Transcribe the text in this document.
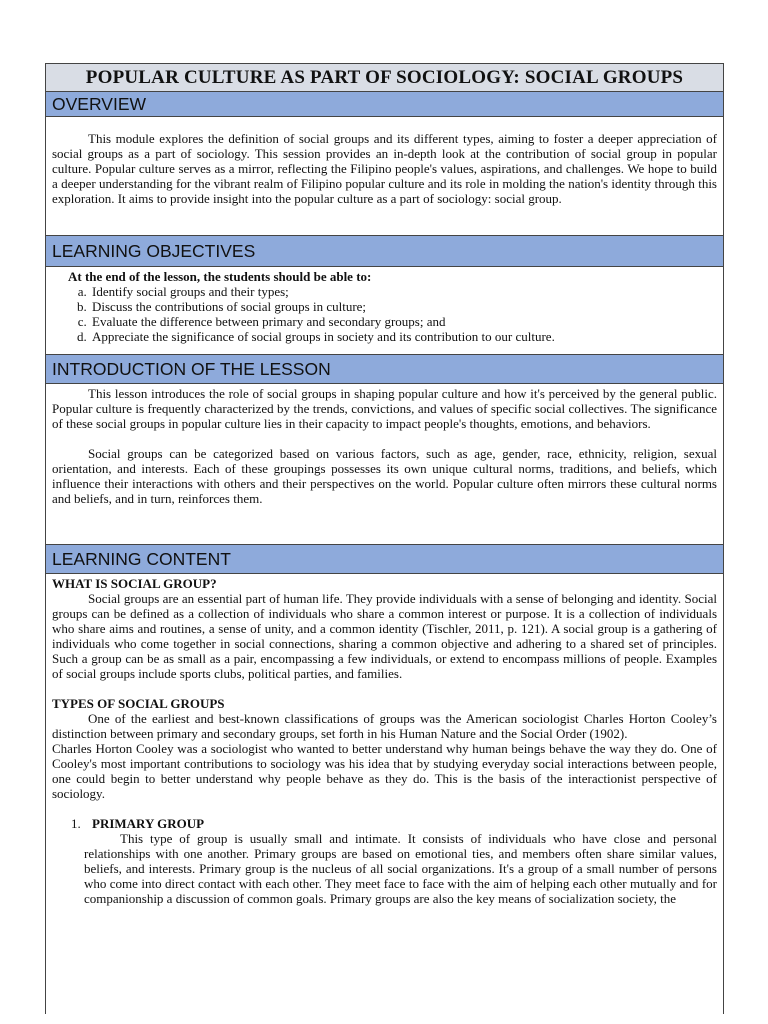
POPULAR CULTURE AS PART OF SOCIOLOGY: SOCIAL GROUPS
OVERVIEW

This module explores the definition of social groups and its different types, aiming to foster a deeper appreciation of social groups as a part of sociology. This session provides an in-depth look at the contribution of social group in popular culture. Popular culture serves as a mirror, reflecting the Filipino people's values, aspirations, and challenges. We hope to build a deeper understanding for the vibrant realm of Filipino popular culture and its role in molding the nation's identity through this exploration. It aims to provide insight into the popular culture as a part of sociology: social group.

LEARNING OBJECTIVES

At the end of the lesson, the students should be able to:

a. Identify social groups and their types;
b. Discuss the contributions of social groups in culture;
c. Evaluate the difference between primary and secondary groups; and
d. Appreciate the significance of social groups in society and its contribution to our culture.
INTRODUCTION OF THE LESSON

This lesson introduces the role of social groups in shaping popular culture and how it's perceived by the general public. Popular culture is frequently characterized by the trends, convictions, and values of specific social collectives. The significance of these social groups in popular culture lies in their capacity to impact people's thoughts, emotions, and behaviors.

Social groups can be categorized based on various factors, such as age, gender, race, ethnicity, religion, sexual orientation, and interests. Each of these groupings possesses its own unique cultural norms, traditions, and beliefs, which influence their interactions with others and their perspectives on the world. Popular culture often mirrors these cultural norms and beliefs, and in turn, reinforces them.

LEARNING CONTENT

WHAT IS SOCIAL GROUP?

Social groups are an essential part of human life. They provide individuals with a sense of belonging and identity. Social groups can be defined as a collection of individuals who share a common interest or purpose. It is a collection of individuals who share aims and routines, a sense of unity, and a common identity (Tischler, 2011, p. 121). A social group is a gathering of individuals who come together in social connections, sharing a common objective and adhering to a shared set of principles. Such a group can be as small as a pair, encompassing a few individuals, or extend to encompass millions of people. Examples of social groups include sports clubs, political parties, and families.

TYPES OF SOCIAL GROUPS

One of the earliest and best-known classifications of groups was the American sociologist Charles Horton Cooley’s distinction between primary and secondary groups, set forth in his Human Nature and the Social Order (1902).

Charles Horton Cooley was a sociologist who wanted to better understand why human beings behave the way they do. One of Cooley's most important contributions to sociology was his idea that by studying everyday social interactions between people, one could begin to better understand why people behave as they do. This is the basis of the interactionist perspective of sociology.

1. PRIMARY GROUP

This type of group is usually small and intimate. It consists of individuals who have close and personal relationships with one another. Primary groups are based on emotional ties, and members often share similar values, beliefs, and interests. Primary group is the nucleus of all social organizations. It's a group of a small number of persons who come into direct contact with each other. They meet face to face with the aim of helping each other mutually and for companionship a discussion of common goals. Primary groups are also the key means of socialization society, the
